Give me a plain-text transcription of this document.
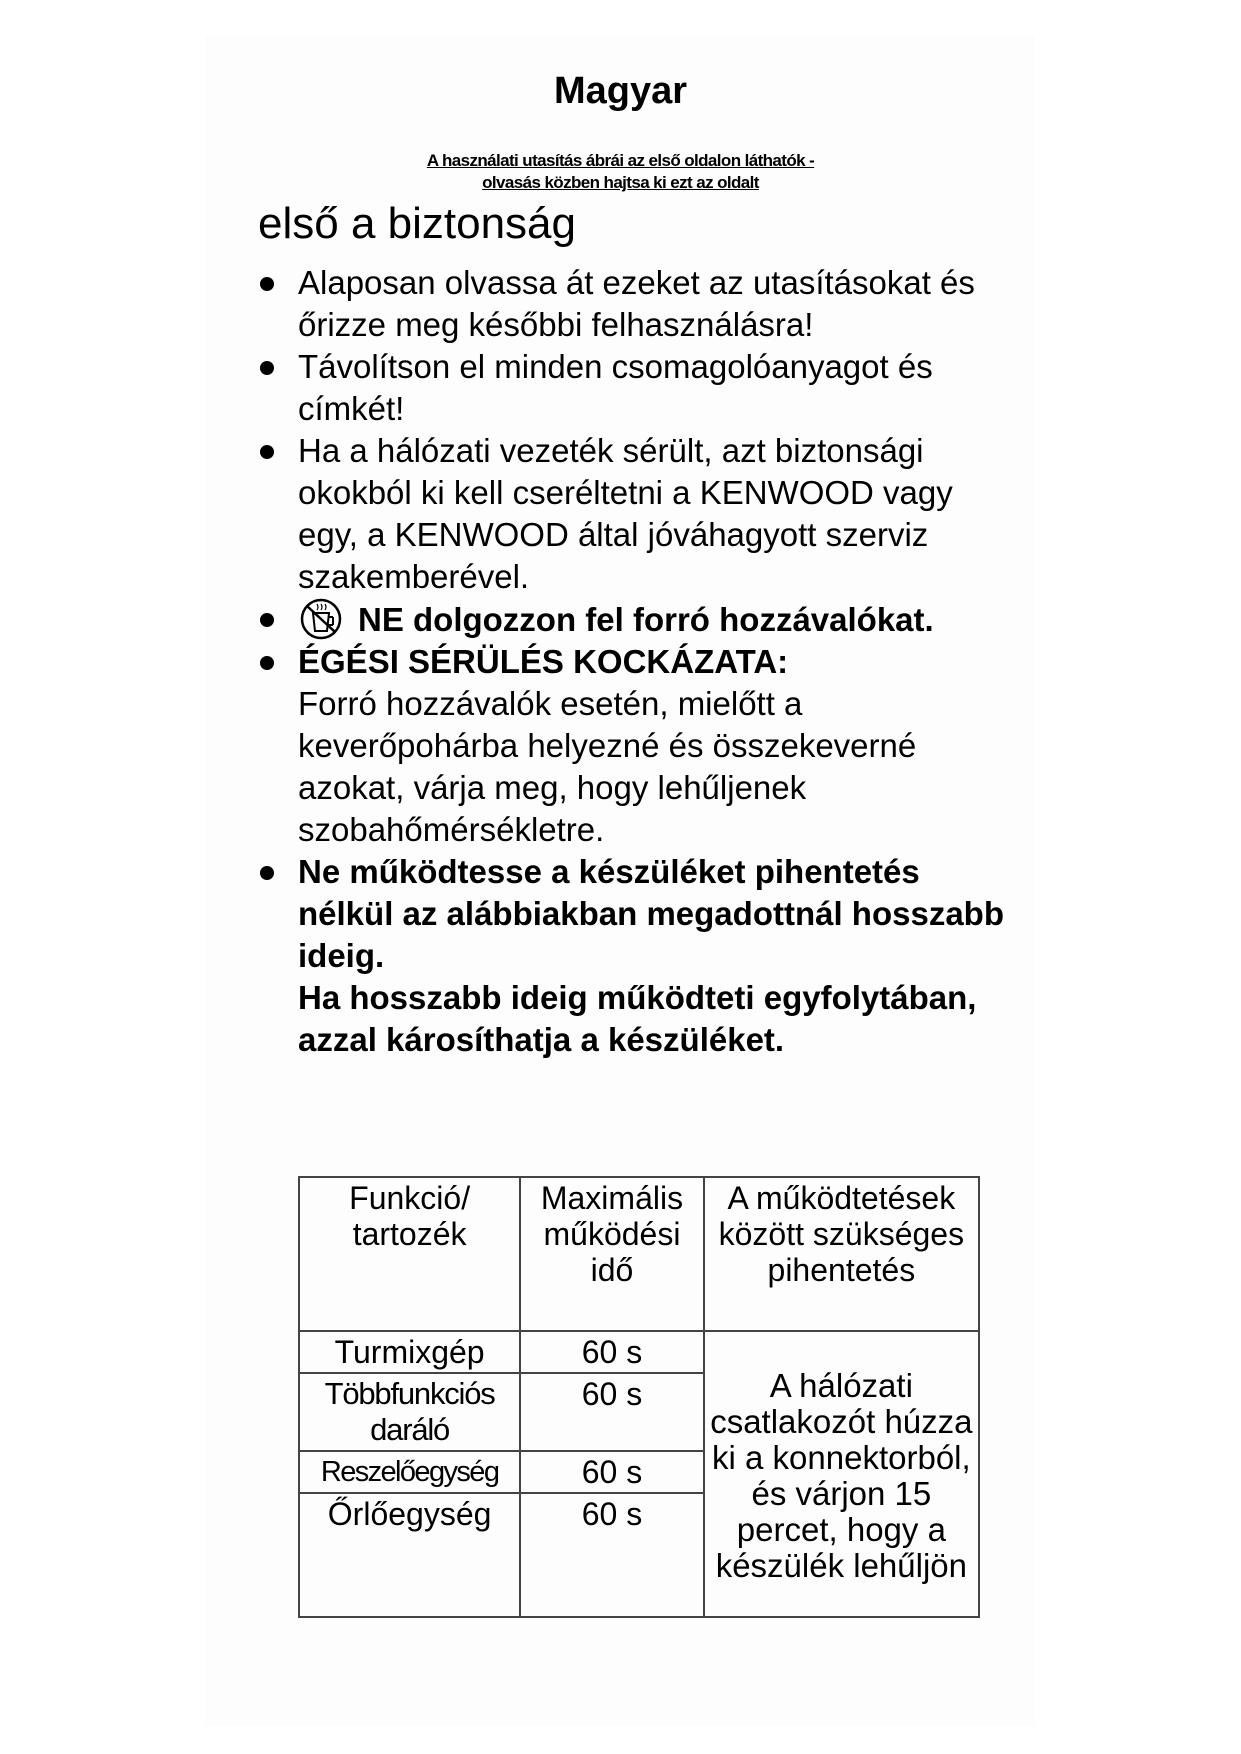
Magyar
A használati utasítás ábrái az első oldalon láthatók -
olvasás közben hajtsa ki ezt az oldalt
első a biztonság
Alaposan olvassa át ezeket az utasításokat és őrizze meg későbbi felhasználásra!
Távolítson el minden csomagolóanyagot és címkét!
Ha a hálózati vezeték sérült, azt biztonsági okokból ki kell cseréltetni a KENWOOD vagy egy, a KENWOOD által jóváhagyott szerviz szakemberével.
NE dolgozzon fel forró hozzávalókat.
ÉGÉSI SÉRÜLÉS KOCKÁZATA:
Forró hozzávalók esetén, mielőtt a keverőpohárba helyezné és összekeverné azokat, várja meg, hogy lehűljenek szobahőmérsékletre.
Ne működtesse a készüléket pihentetés nélkül az alábbiakban megadottnál hosszabb ideig.
Ha hosszabb ideig működteti egyfolytában, azzal károsíthatja a készüléket.
Funkció/ tartozék	Maximális működési idő	A működtetések között szükséges pihentetés
Turmixgép	60 s	A hálózati csatlakozót húzza ki a konnektorból, és várjon 15 percet, hogy a készülék lehűljön
Többfunkciós daráló	60 s	
Reszelőegység	60 s	
Őrlőegység	60 s	
